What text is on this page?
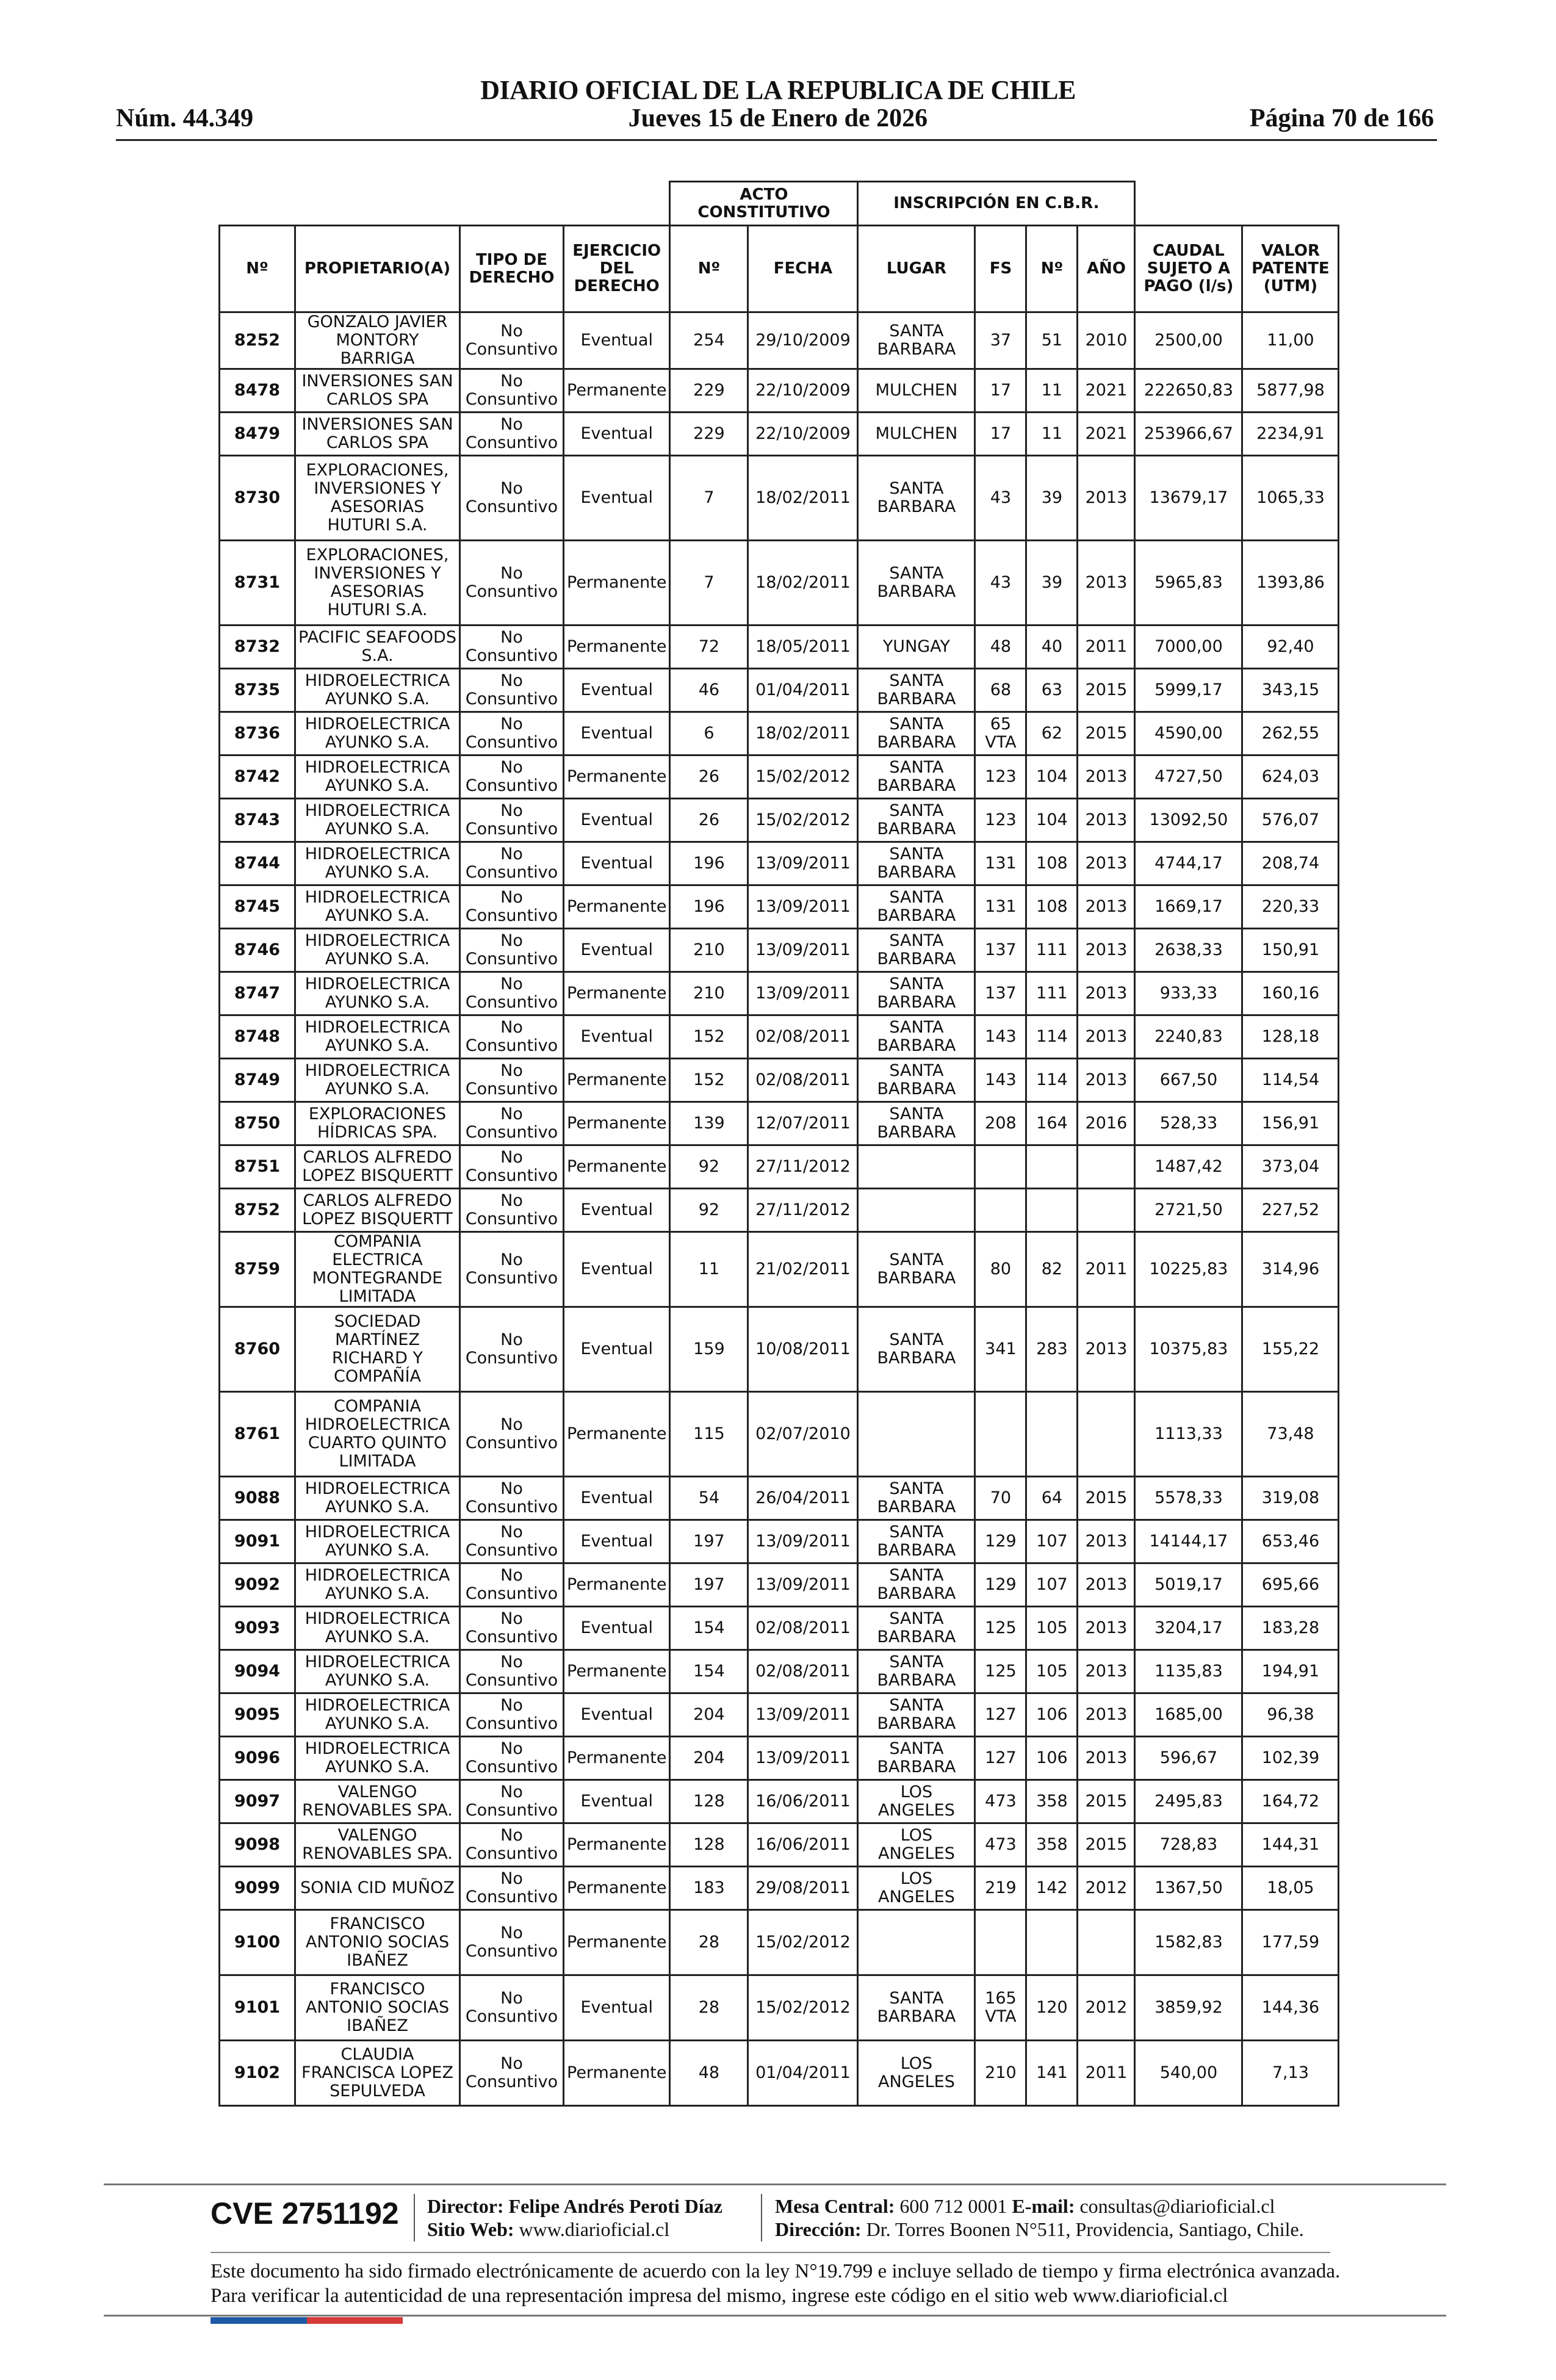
DIARIO OFICIAL DE LA REPUBLICA DE CHILE
Núm. 44.349	Jueves 15 de Enero de 2026	Página 70 de 166
				ACTO CONSTITUTIVO		INSCRIPCIÓN EN C.B.R.					
Nº	PROPIETARIO(A)	TIPO DE DERECHO	EJERCICIO DEL DERECHO	Nº	FECHA	LUGAR	FS	Nº	AÑO	CAUDAL SUJETO A PAGO (l/s)	VALOR PATENTE (UTM)
8252	GONZALO JAVIER MONTORY BARRIGA	No Consuntivo	Eventual	254	29/10/2009	SANTA BARBARA	37	51	2010	2500,00	11,00
8478	INVERSIONES SAN CARLOS SPA	No Consuntivo	Permanente	229	22/10/2009	MULCHEN	17	11	2021	222650,83	5877,98
8479	INVERSIONES SAN CARLOS SPA	No Consuntivo	Eventual	229	22/10/2009	MULCHEN	17	11	2021	253966,67	2234,91
8730	EXPLORACIONES, INVERSIONES Y ASESORIAS HUTURI S.A.	No Consuntivo	Eventual	7	18/02/2011	SANTA BARBARA	43	39	2013	13679,17	1065,33
8731	EXPLORACIONES, INVERSIONES Y ASESORIAS HUTURI S.A.	No Consuntivo	Permanente	7	18/02/2011	SANTA BARBARA	43	39	2013	5965,83	1393,86
8732	PACIFIC SEAFOODS S.A.	No Consuntivo	Permanente	72	18/05/2011	YUNGAY	48	40	2011	7000,00	92,40
8735	HIDROELECTRICA AYUNKO S.A.	No Consuntivo	Eventual	46	01/04/2011	SANTA BARBARA	68	63	2015	5999,17	343,15
8736	HIDROELECTRICA AYUNKO S.A.	No Consuntivo	Eventual	6	18/02/2011	SANTA BARBARA	65 VTA	62	2015	4590,00	262,55
8742	HIDROELECTRICA AYUNKO S.A.	No Consuntivo	Permanente	26	15/02/2012	SANTA BARBARA	123	104	2013	4727,50	624,03
8743	HIDROELECTRICA AYUNKO S.A.	No Consuntivo	Eventual	26	15/02/2012	SANTA BARBARA	123	104	2013	13092,50	576,07
8744	HIDROELECTRICA AYUNKO S.A.	No Consuntivo	Eventual	196	13/09/2011	SANTA BARBARA	131	108	2013	4744,17	208,74
8745	HIDROELECTRICA AYUNKO S.A.	No Consuntivo	Permanente	196	13/09/2011	SANTA BARBARA	131	108	2013	1669,17	220,33
8746	HIDROELECTRICA AYUNKO S.A.	No Consuntivo	Eventual	210	13/09/2011	SANTA BARBARA	137	111	2013	2638,33	150,91
8747	HIDROELECTRICA AYUNKO S.A.	No Consuntivo	Permanente	210	13/09/2011	SANTA BARBARA	137	111	2013	933,33	160,16
8748	HIDROELECTRICA AYUNKO S.A.	No Consuntivo	Eventual	152	02/08/2011	SANTA BARBARA	143	114	2013	2240,83	128,18
8749	HIDROELECTRICA AYUNKO S.A.	No Consuntivo	Permanente	152	02/08/2011	SANTA BARBARA	143	114	2013	667,50	114,54
8750	EXPLORACIONES HÍDRICAS SPA.	No Consuntivo	Permanente	139	12/07/2011	SANTA BARBARA	208	164	2016	528,33	156,91
8751	CARLOS ALFREDO LOPEZ BISQUERTT	No Consuntivo	Permanente	92	27/11/2012					1487,42	373,04
8752	CARLOS ALFREDO LOPEZ BISQUERTT	No Consuntivo	Eventual	92	27/11/2012					2721,50	227,52
8759	COMPANIA ELECTRICA MONTEGRANDE LIMITADA	No Consuntivo	Eventual	11	21/02/2011	SANTA BARBARA	80	82	2011	10225,83	314,96
8760	SOCIEDAD MARTÍNEZ RICHARD Y COMPAÑÍA	No Consuntivo	Eventual	159	10/08/2011	SANTA BARBARA	341	283	2013	10375,83	155,22
8761	COMPANIA HIDROELECTRICA CUARTO QUINTO LIMITADA	No Consuntivo	Permanente	115	02/07/2010					1113,33	73,48
9088	HIDROELECTRICA AYUNKO S.A.	No Consuntivo	Eventual	54	26/04/2011	SANTA BARBARA	70	64	2015	5578,33	319,08
9091	HIDROELECTRICA AYUNKO S.A.	No Consuntivo	Eventual	197	13/09/2011	SANTA BARBARA	129	107	2013	14144,17	653,46
9092	HIDROELECTRICA AYUNKO S.A.	No Consuntivo	Permanente	197	13/09/2011	SANTA BARBARA	129	107	2013	5019,17	695,66
9093	HIDROELECTRICA AYUNKO S.A.	No Consuntivo	Eventual	154	02/08/2011	SANTA BARBARA	125	105	2013	3204,17	183,28
9094	HIDROELECTRICA AYUNKO S.A.	No Consuntivo	Permanente	154	02/08/2011	SANTA BARBARA	125	105	2013	1135,83	194,91
9095	HIDROELECTRICA AYUNKO S.A.	No Consuntivo	Eventual	204	13/09/2011	SANTA BARBARA	127	106	2013	1685,00	96,38
9096	HIDROELECTRICA AYUNKO S.A.	No Consuntivo	Permanente	204	13/09/2011	SANTA BARBARA	127	106	2013	596,67	102,39
9097	VALENGO RENOVABLES SPA.	No Consuntivo	Eventual	128	16/06/2011	LOS ANGELES	473	358	2015	2495,83	164,72
9098	VALENGO RENOVABLES SPA.	No Consuntivo	Permanente	128	16/06/2011	LOS ANGELES	473	358	2015	728,83	144,31
9099	SONIA CID MUÑOZ	No Consuntivo	Permanente	183	29/08/2011	LOS ANGELES	219	142	2012	1367,50	18,05
9100	FRANCISCO ANTONIO SOCIAS IBAÑEZ	No Consuntivo	Permanente	28	15/02/2012					1582,83	177,59
9101	FRANCISCO ANTONIO SOCIAS IBAÑEZ	No Consuntivo	Eventual	28	15/02/2012	SANTA BARBARA	165 VTA	120	2012	3859,92	144,36
9102	CLAUDIA FRANCISCA LOPEZ SEPULVEDA	No Consuntivo	Permanente	48	01/04/2011	LOS ANGELES	210	141	2011	540,00	7,13
CVE 2751192 Director: Felipe Andrés Peroti Díaz
Sitio Web: www.diarioficial.cl
Mesa Central: 600 712 0001 E-mail: consultas@diarioficial.cl
Dirección: Dr. Torres Boonen N°511, Providencia, Santiago, Chile.
Este documento ha sido firmado electrónicamente de acuerdo con la ley N°19.799 e incluye sellado de tiempo y firma electrónica avanzada. Para verificar la autenticidad de una representación impresa del mismo, ingrese este código en el sitio web www.diarioficial.cl
